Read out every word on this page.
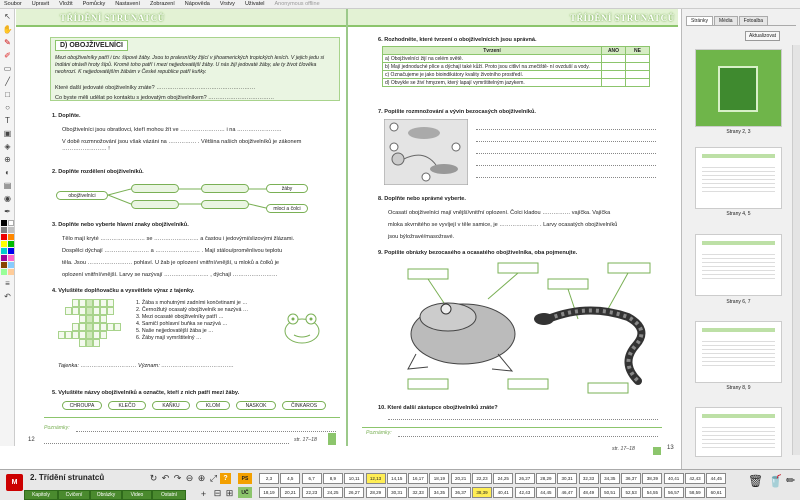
Soubor Upravit Vložit Pomůcky Nastavení Zobrazení Nápověda Vrstvy Uživatel Anonymous offline
↖
✋
✎
✐
▭
╱
□
○
T
▣
◈
⊕
◐
▤
◉
✒
≡
↶
TŘÍDĚNÍ STRUNATCŮ
D) OBOJŽIVELNÍCI
Mezi obojživelníky patří i tzv. šípové žáby. Jsou to pralesníčky žijící v jihoamerických tropických lesích. V jejich jedu si Indiáni otrávili hroty šípů. Kromě toho patří i mezi nejjedovatější žáby. U nás žijí jedovaté žáby, ale ty život člověka neohrozí. K nejjedovatějším žábám v České republice patří kuňky.
Které další jedovaté obojživelníky znáte? ………………………………………………
Co byste měli udělat po kontaktu s jedovatým obojživelníkem? ………………………………
1. Doplňte.
Obojživelníci jsou obratlovci, kteří mohou žít ve …………………… i na ……………………
V době rozmnožování jsou však vázáni na …………… . Většina našich obojživelníků je zákonem …………………… !
2. Doplňte rozdělení obojživelníků.
obojživelníci
žáby
mloci a čolci
3. Doplňte nebo vyberte hlavní znaky obojživelníků.
Tělo mají kryté …………………… se …………………… a častou i jedovými/slizovými žlázami.
Dospělci dýchají …………………… a …………………… . Mají stálou/proměnlivou teplotu
těla. Jsou …………………… pohlaví. U žab je oplození vnitřní/vnější, u mloků a čolků je
oplození vnitřní/vnější. Larvy se nazývají …………………… , dýchají ……………………
4. Vyluštěte doplňovačku a vysvětlete výraz z tajenky.
1. Žába s mohutnými zadními končetinami je …
2. Černožlutý ocasatý obojživelník se nazývá …
3. Mezi ocasaté obojživelníky patří …
4. Samičí pohlavní buňka se nazývá …
5. Naše nejjedovatější žába je …
6. Žáby mají vymrštitelný …
Tajenka: ………………………… Význam: …………………………………
5. Vyluštěte názvy obojživelníků a označte, kteří z nich patří mezi žáby.
CHROUPA	KLEČO	KAŇKU	KLOM	NASKOK	ČINKAROS
Poznámky:
12	str. 17–18
TŘÍDĚNÍ STRUNATCŮ
6. Rozhodněte, které tvrzení o obojživelnících jsou správná.
Tvrzení	ANO	NE
a) Obojživelníci žijí na celém světě.		
b) Mají jednoduché plíce a dýchají také kůží. Proto jsou citliví na znečiště- ní ovzduší a vody.		
c) Označujeme je jako bioindikátory kvality životního prostředí.		
d) Obvykle se živí hmyzem, který lapají vymrštitelným jazykem.		
7. Popište rozmnožování a vývin bezocasých obojživelníků.
8. Doplňte nebo správné vyberte.
Ocasatí obojživelníci mají vnější/vnitřní oplození. Čolci kladou …………… vajíčka. Vajíčka
mloka skvrnitého se vyvíjejí v těle samice, je ………………… . Larvy ocasatých obojživelníků
jsou býložravé/masožravé.
9. Popište obrázky bezocasého a ocasatého obojživelníka, oba pojmenujte.
10. Které další zástupce obojživelníků znáte?
Poznámky:
str. 17–18	13
Stránky	Média	Fotoalba
Aktualizovat
Strany 2, 3
Strany 4, 5
Strany 6, 7
Strany 8, 9
M
2. Třídění strunatců
Kapitoly	Cvičení	Obrázky	Video	Ostatní
↻ ↶ ↷ ⊖ ⊕ ⤢ ?
+ ⊟ ⊞
PS
UČ
2,3	4,5	6,7	8,9	10,11	12,13	14,15	16,17	18,19	20,21	22,23	24,25	26,27	28,29	30,31	32,33	34,35	36,37	38,39	40,41	42,43	44,45
18,19	20,21	22,23	24,25	26,27	28,29	30,31	32,33	34,35	36,37	38,39	40,41	42,43	44,45	46,47	48,49	50,51	52,53	54,55	56,57	58,59	60,61
🗑 🥤 ✏
